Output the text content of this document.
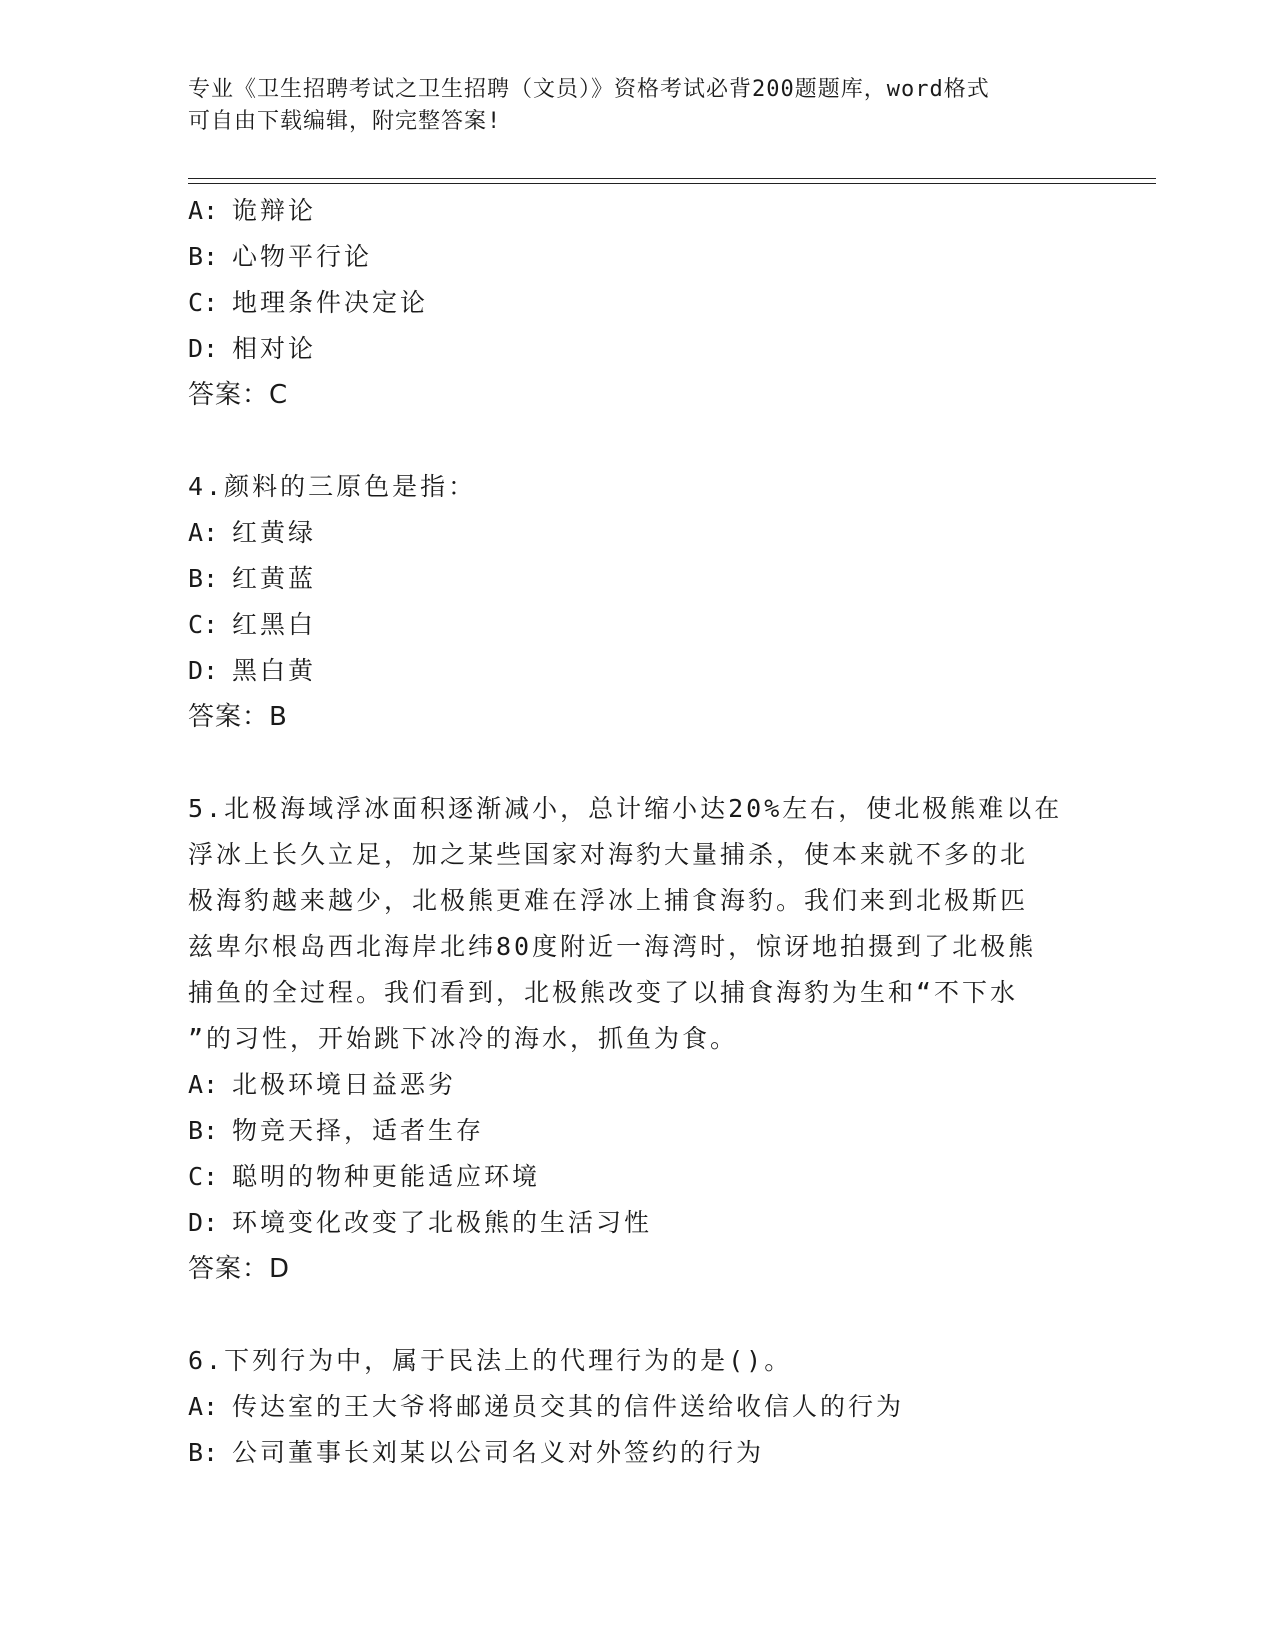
专业《卫生招聘考试之卫生招聘（文员）》资格考试必背200题题库，word格式
可自由下载编辑，附完整答案!
A: 诡辩论
B: 心物平行论
C: 地理条件决定论
D: 相对论
答案：C
4.颜料的三原色是指：
A: 红黄绿
B: 红黄蓝
C: 红黑白
D: 黑白黄
答案：B
5.北极海域浮冰面积逐渐减小，总计缩小达20%左右，使北极熊难以在
浮冰上长久立足，加之某些国家对海豹大量捕杀，使本来就不多的北
极海豹越来越少，北极熊更难在浮冰上捕食海豹。我们来到北极斯匹
兹卑尔根岛西北海岸北纬80度附近一海湾时，惊讶地拍摄到了北极熊
捕鱼的全过程。我们看到，北极熊改变了以捕食海豹为生和“不下水
”的习性，开始跳下冰冷的海水，抓鱼为食。
A: 北极环境日益恶劣
B: 物竞天择，适者生存
C: 聪明的物种更能适应环境
D: 环境变化改变了北极熊的生活习性
答案：D
6.下列行为中，属于民法上的代理行为的是()。
A: 传达室的王大爷将邮递员交其的信件送给收信人的行为
B: 公司董事长刘某以公司名义对外签约的行为
